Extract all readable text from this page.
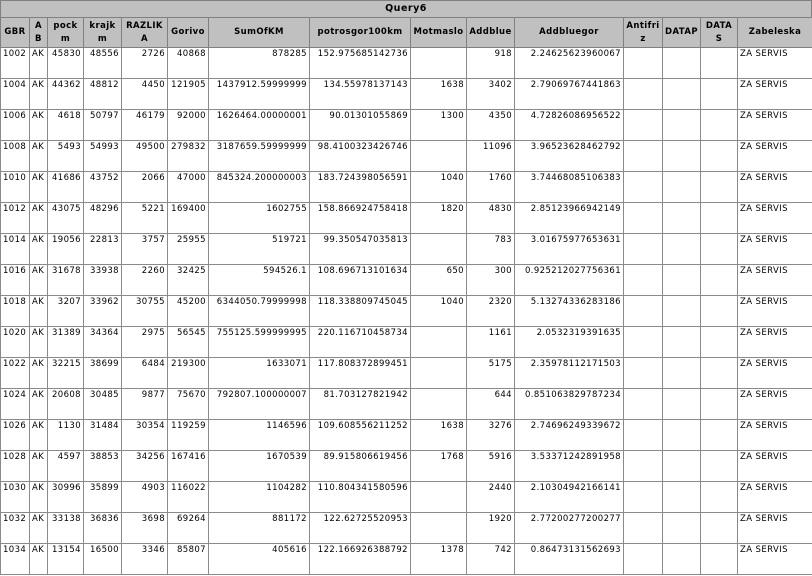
Query6
GBR	AB	pockm	krajkm	RAZLIKA	Gorivo	SumOfKM	potrosgor100km	Motmaslo	Addblue	Addbluegor	Antifriz	DATAP	DATAS	Zabeleska
1002	AK	45830	48556	2726	40868	878285	152.975685142736		918	2.24625623960067				ZA SERVIS
1004	AK	44362	48812	4450	121905	1437912.59999999	134.55978137143	1638	3402	2.79069767441863				ZA SERVIS
1006	AK	4618	50797	46179	92000	1626464.00000001	90.01301055869	1300	4350	4.72826086956522				ZA SERVIS
1008	AK	5493	54993	49500	279832	3187659.59999999	98.4100323426746		11096	3.96523628462792				ZA SERVIS
1010	AK	41686	43752	2066	47000	845324.200000003	183.724398056591	1040	1760	3.74468085106383				ZA SERVIS
1012	AK	43075	48296	5221	169400	1602755	158.866924758418	1820	4830	2.85123966942149				ZA SERVIS
1014	AK	19056	22813	3757	25955	519721	99.350547035813		783	3.01675977653631				ZA SERVIS
1016	AK	31678	33938	2260	32425	594526.1	108.696713101634	650	300	0.925212027756361				ZA SERVIS
1018	AK	3207	33962	30755	45200	6344050.79999998	118.338809745045	1040	2320	5.13274336283186				ZA SERVIS
1020	AK	31389	34364	2975	56545	755125.599999995	220.116710458734		1161	2.0532319391635				ZA SERVIS
1022	AK	32215	38699	6484	219300	1633071	117.808372899451		5175	2.35978112171503				ZA SERVIS
1024	AK	20608	30485	9877	75670	792807.100000007	81.703127821942		644	0.851063829787234				ZA SERVIS
1026	AK	1130	31484	30354	119259	1146596	109.608556211252	1638	3276	2.74696249339672				ZA SERVIS
1028	AK	4597	38853	34256	167416	1670539	89.915806619456	1768	5916	3.53371242891958				ZA SERVIS
1030	AK	30996	35899	4903	116022	1104282	110.804341580596		2440	2.10304942166141				ZA SERVIS
1032	AK	33138	36836	3698	69264	881172	122.62725520953		1920	2.77200277200277				ZA SERVIS
1034	AK	13154	16500	3346	85807	405616	122.166926388792	1378	742	0.86473131562693				ZA SERVIS
